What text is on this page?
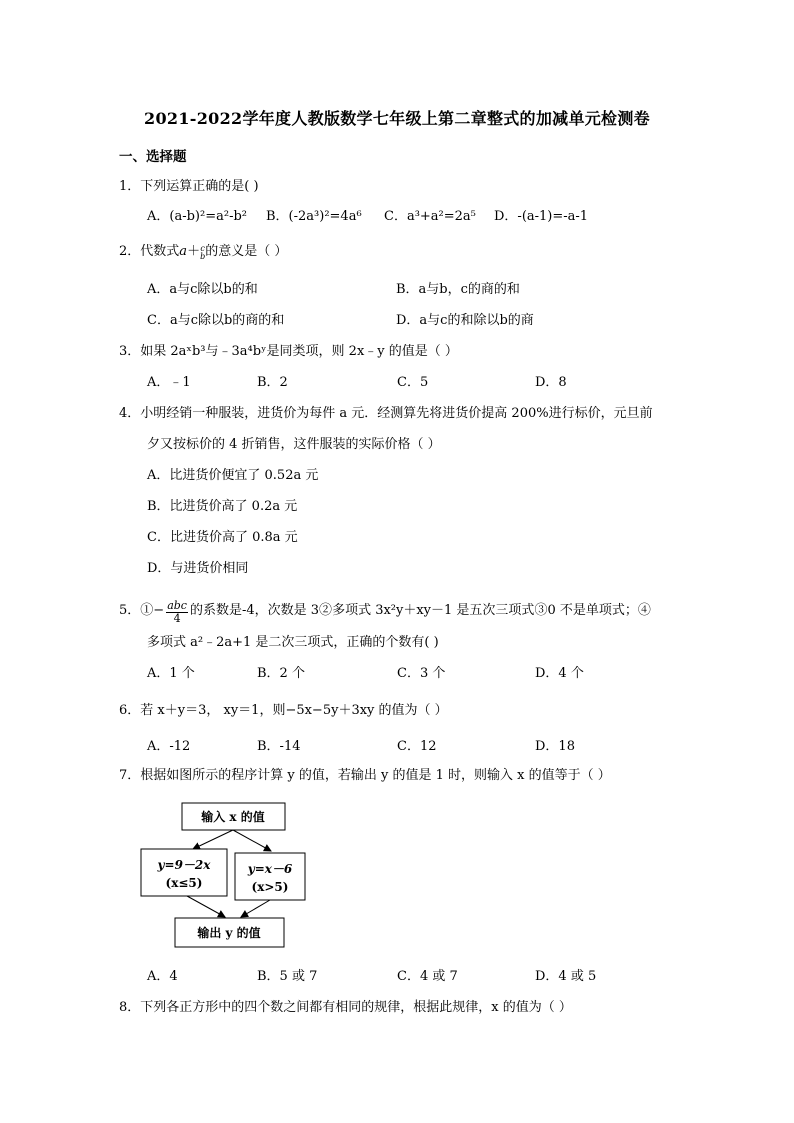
2021-2022学年度人教版数学七年级上第二章整式的加减单元检测卷
一、选择题
1．下列运算正确的是( )
A．(a-b)²=a²-b² B．(-2a³)²=4a⁶ C．a³+a²=2a⁵ D．-(a-1)=-a-1
2．代数式a＋ c
b 的意义是（ ）
A．a与c除以b的和	B．a与b，c的商的和
C．a与c除以b的商的和	D．a与c的和除以b的商
3．如果 2aˣb³与﹣3a⁴bʸ是同类项，则 2x﹣y 的值是（ ）
A．﹣1	B．2	C．5	D．8
4．小明经销一种服装，进货价为每件 a 元．经测算先将进货价提高 200%进行标价，元旦前
夕又按标价的 4 折销售，这件服装的实际价格（ ）
A．比进货价便宜了 0.52a 元
B．比进货价高了 0.2a 元
C．比进货价高了 0.8a 元
D．与进货价相同
5．①− $\frac{\text{abc}}{4}$ 的系数是-4，次数是 3②多项式 3x²y＋xy－1 是五次三项式③0 不是单项式；④
多项式 a²﹣2a+1 是二次三项式，正确的个数有( )
A．1 个	B．2 个	C．3 个	D．4 个
6．若 x＋y＝3， xy＝1，则−5x−5y＋3xy 的值为（ ）
A．-12	B．-14	C．12	D．18
7．根据如图所示的程序计算 y 的值，若输出 y 的值是 1 时，则输入 x 的值等于（ ）
输入 x 的值
y=9－2x
(x≤5)
y=x－6
(x>5)
输出 y 的值
A．4	B．5 或 7	C．4 或 7	D．4 或 5
8．下列各正方形中的四个数之间都有相同的规律，根据此规律，x 的值为（ ）
